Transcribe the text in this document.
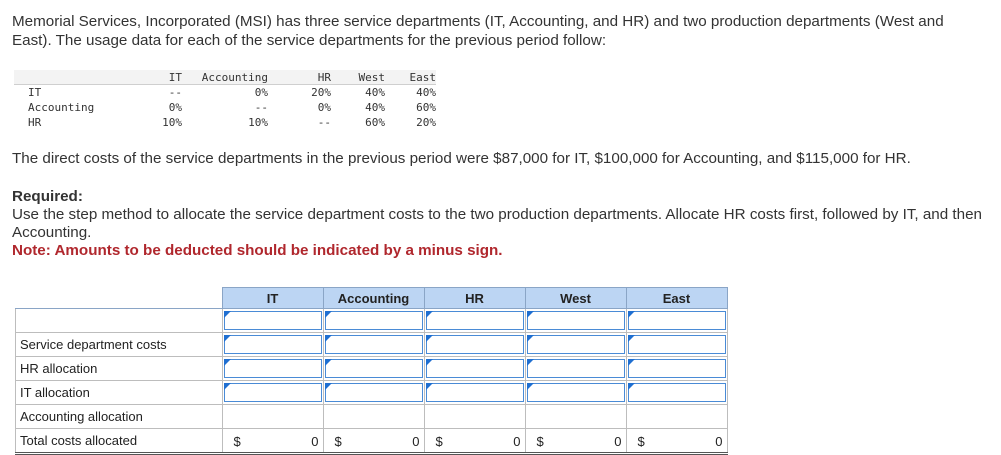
Memorial Services, Incorporated (MSI) has three service departments (IT, Accounting, and HR) and two production departments (West and East). The usage data for each of the service departments for the previous period follow:

	IT	Accounting	HR	West	East
IT	--	0%	20%	40%	40%
Accounting	0%	--	0%	40%	60%
HR	10%	10%	--	60%	20%

The direct costs of the service departments in the previous period were $87,000 for IT, $100,000 for Accounting, and $115,000 for HR.

Required:

Use the step method to allocate the service department costs to the two production departments. Allocate HR costs first, followed by IT, and then Accounting.

Note: Amounts to be deducted should be indicated by a minus sign.

	IT	Accounting	HR	West	East

Service department costs	

HR allocation	

IT allocation	

Accounting allocation					
Total costs allocated	$ 0	$ 0	$ 0	$ 0	$ 0
